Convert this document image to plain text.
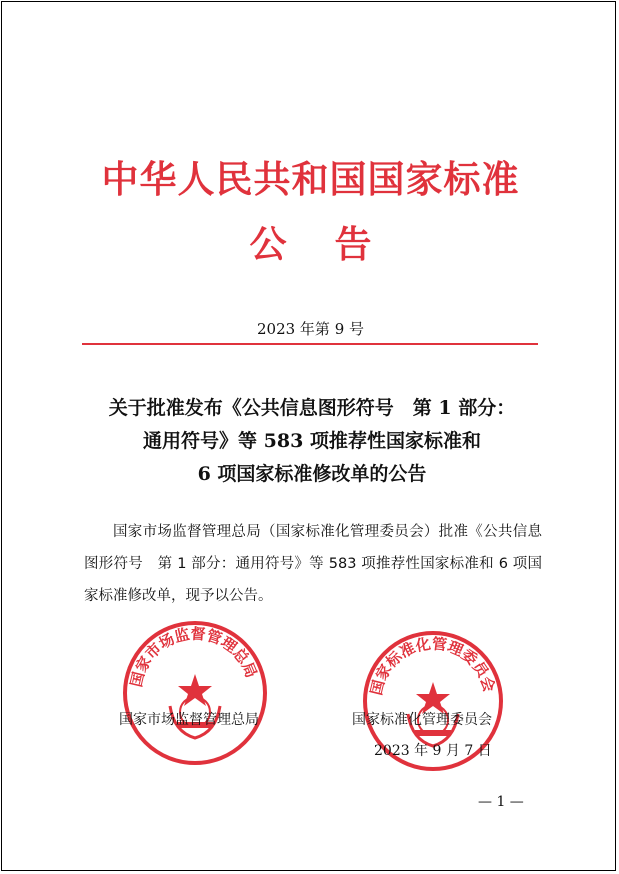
中华人民共和国国家标准
公告
2023 年第 9 号
关于批准发布《公共信息图形符号　第 1 部分：
通用符号》等 583 项推荐性国家标准和
6 项国家标准修改单的公告

国家市场监督管理总局（国家标准化管理委员会）批准《公共信息图形符号　第 1 部分：通用符号》等 583 项推荐性国家标准和 6 项国家标准修改单，现予以公告。

国家市场监督管理总局
国家标准化管理委员会
国家市场监督管理总局	国家标准化管理委员会
2023 年 9 月 7 日
— 1 —
